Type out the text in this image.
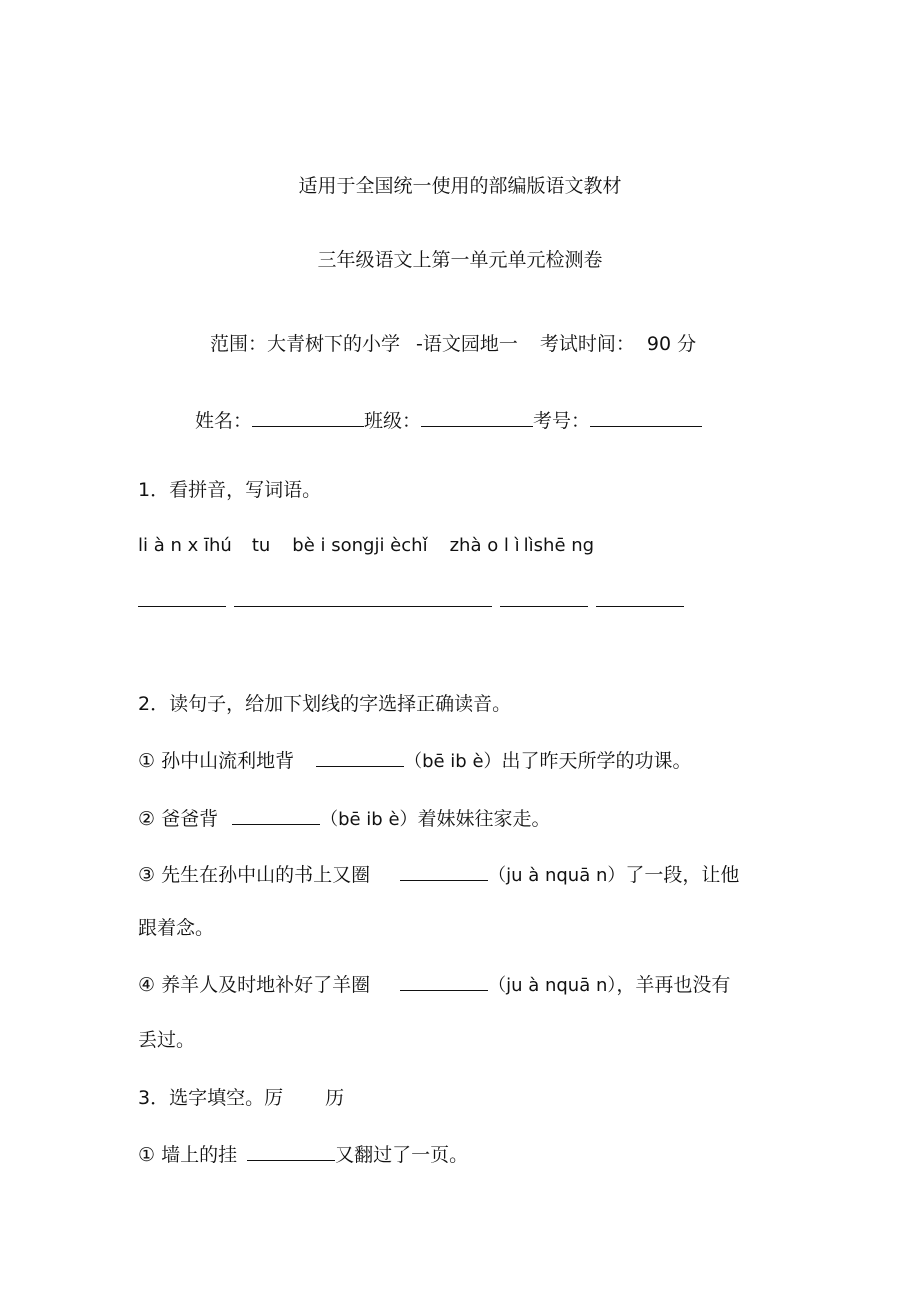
适用于全国统一使用的部编版语文教材
三年级语文上第一单元单元检测卷
范围：大青树下的小学 -语文园地一 考试时间： 90 分
姓名：	班级：	考号：
1．看拼音，写词语。
li à n x īhú tu bè i songji èchǐ zhà o l ì lìshē ng
2．读句子，给加下划线的字选择正确读音。
① 孙中山流利地背	（bē ib è）出了昨天所学的功课。
② 爸爸背	（bē ib è）着妹妹往家走。
③ 先生在孙中山的书上又圈	（ju à nquā n）了一段，让他
跟着念。
④ 养羊人及时地补好了羊圈	（ju à nquā n），羊再也没有
丢过。
3．选字填空。厉 历
① 墙上的挂	又翻过了一页。
